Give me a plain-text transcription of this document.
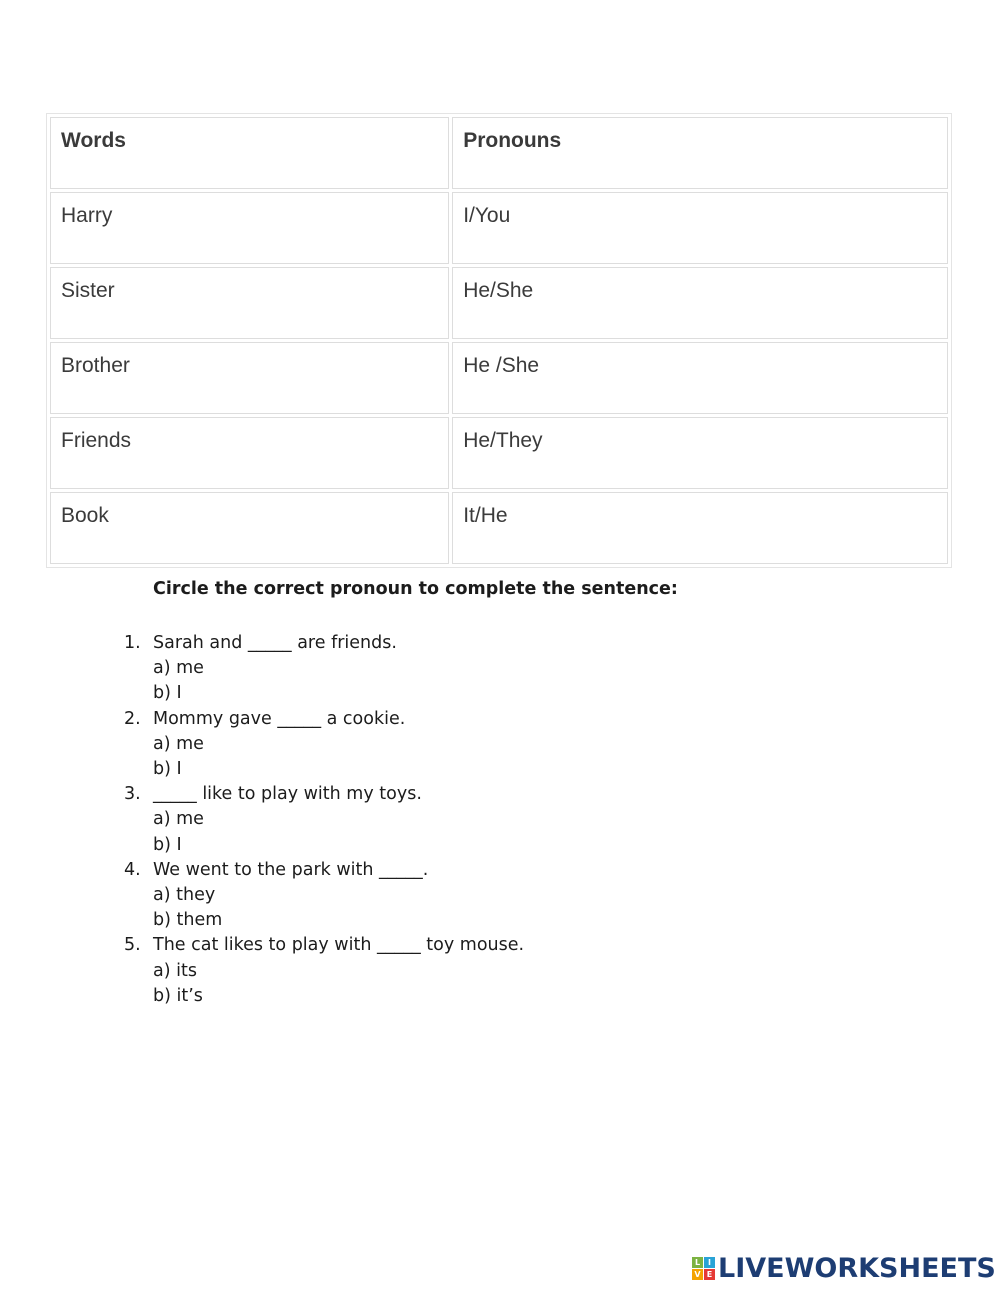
Words	Pronouns
Harry	I/You
Sister	He/She
Brother	He /She
Friends	He/They
Book	It/He

Circle the correct pronoun to complete the sentence:

1. Sarah and _____ are friends.
a) me
b) I
2. Mommy gave _____ a cookie.
a) me
b) I
3. _____ like to play with my toys.
a) me
b) I
4. We went to the park with _____.
a) they
b) them
5. The cat likes to play with _____ toy mouse.
a) its
b) it’s
L I
V E LIVEWORKSHEETS
